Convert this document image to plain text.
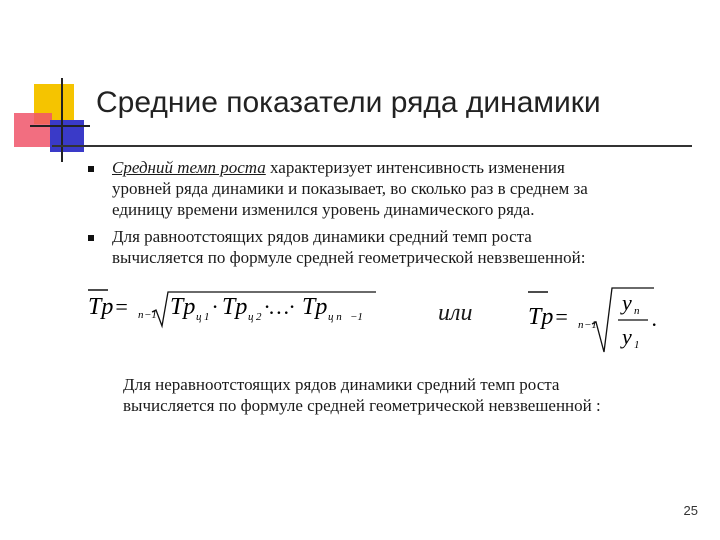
Средние показатели ряда динамики
Средний темп роста характеризует интенсивность изменения
уровней ряда динамики и показывает, во сколько раз в среднем за
единицу времени изменился уровень динамического ряда.
Для равноотстоящих рядов динамики средний темп роста
вычисляется по формуле средней геометрической невзвешенной:
Tp = n −1 Tp ц 1 · Tp ц 2 ·…· Tp ц n −1	или Tp = n −1
y n
y 1
.
Для неравноотстоящих рядов динамики средний темп роста
вычисляется по формуле средней геометрической невзвешенной :
25
